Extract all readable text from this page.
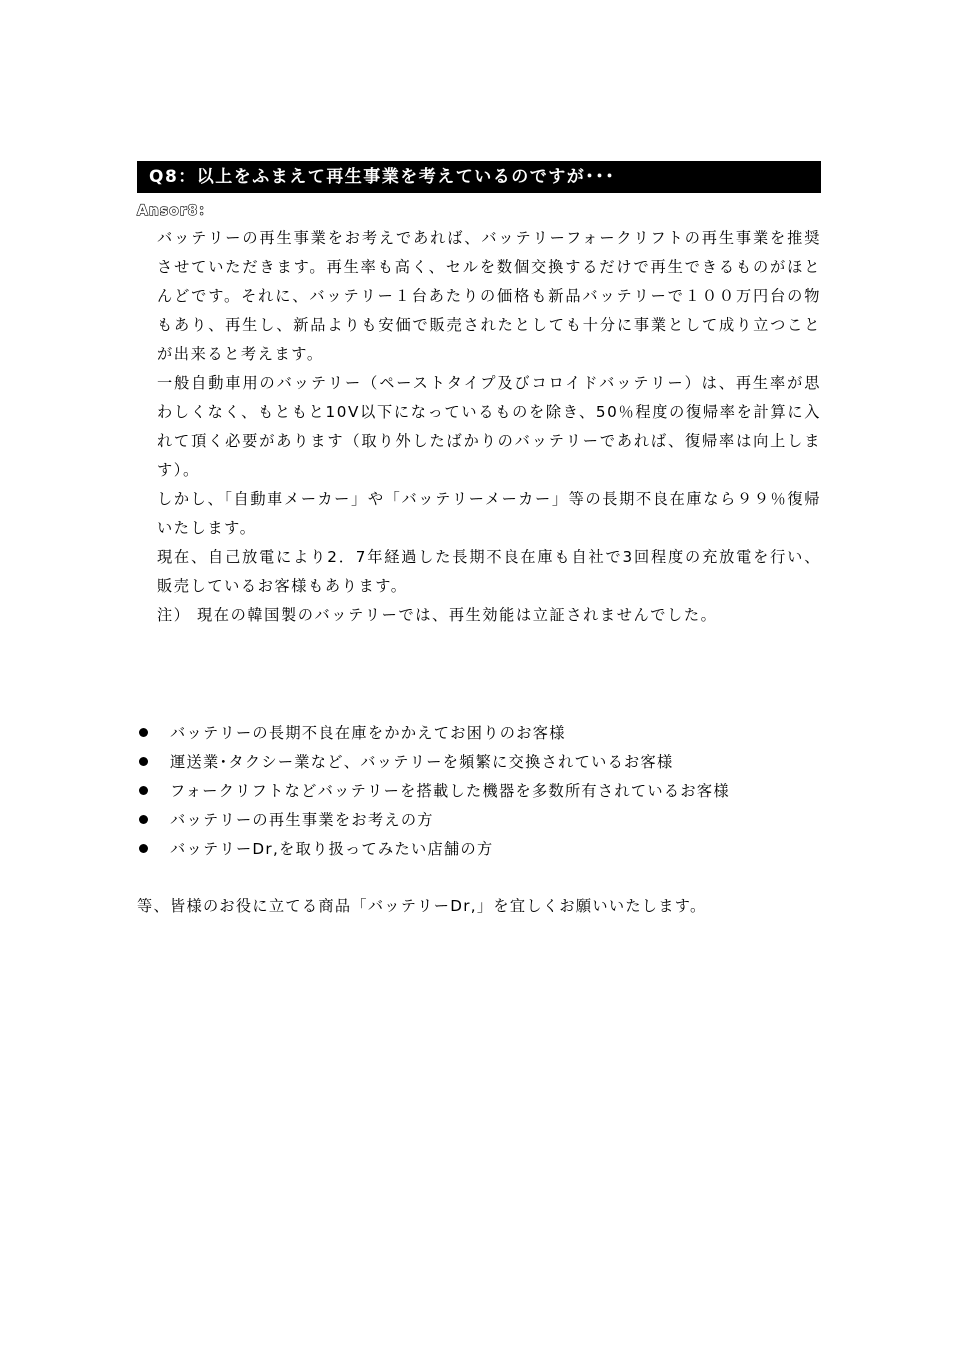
Q8：以上をふまえて再生事業を考えているのですが･･･
Ansor8：

バッテリーの再生事業をお考えであれば、バッテリーフォークリフトの再生事業を推奨させていただきます。再生率も高く、セルを数個交換するだけで再生できるものがほとんどです。それに、バッテリー１台あたりの価格も新品バッテリーで１００万円台の物もあり、再生し、新品よりも安価で販売されたとしても十分に事業として成り立つことが出来ると考えます。

一般自動車用のバッテリー（ペーストタイプ及びコロイドバッテリー）は、再生率が思わしくなく、もともと10V以下になっているものを除き、50％程度の復帰率を計算に入れて頂く必要があります（取り外したばかりのバッテリーであれば、復帰率は向上します）。

しかし、「自動車メーカー」や「バッテリーメーカー」等の長期不良在庫なら９９％復帰いたします。

現在、自己放電により2．7年経過した長期不良在庫も自社で3回程度の充放電を行い、販売しているお客様もあります。

注） 現在の韓国製のバッテリーでは、再生効能は立証されませんでした。

バッテリーの長期不良在庫をかかえてお困りのお客様
運送業･タクシー業など、バッテリーを頻繁に交換されているお客様
フォークリフトなどバッテリーを搭載した機器を多数所有されているお客様
バッテリーの再生事業をお考えの方
バッテリーDr,を取り扱ってみたい店舗の方
等、皆様のお役に立てる商品「バッテリーDr,」を宜しくお願いいたします。
